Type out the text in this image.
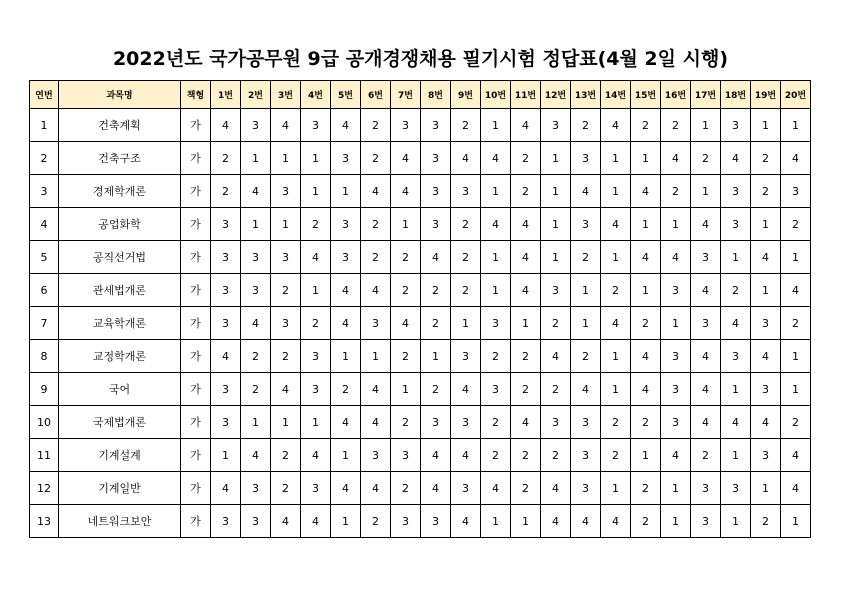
2022년도 국가공무원 9급 공개경쟁채용 필기시험 정답표(4월 2일 시행)
연번	과목명	책형	1번	2번	3번	4번	5번	6번	7번	8번	9번	10번	11번	12번	13번	14번	15번	16번	17번	18번	19번	20번
1	건축계획	가	4	3	4	3	4	2	3	3	2	1	4	3	2	4	2	2	1	3	1	1
2	건축구조	가	2	1	1	1	3	2	4	3	4	4	2	1	3	1	1	4	2	4	2	4
3	경제학개론	가	2	4	3	1	1	4	4	3	3	1	2	1	4	1	4	2	1	3	2	3
4	공업화학	가	3	1	1	2	3	2	1	3	2	4	4	1	3	4	1	1	4	3	1	2
5	공직선거법	가	3	3	3	4	3	2	2	4	2	1	4	1	2	1	4	4	3	1	4	1
6	관세법개론	가	3	3	2	1	4	4	2	2	2	1	4	3	1	2	1	3	4	2	1	4
7	교육학개론	가	3	4	3	2	4	3	4	2	1	3	1	2	1	4	2	1	3	4	3	2
8	교정학개론	가	4	2	2	3	1	1	2	1	3	2	2	4	2	1	4	3	4	3	4	1
9	국어	가	3	2	4	3	2	4	1	2	4	3	2	2	4	1	4	3	4	1	3	1
10	국제법개론	가	3	1	1	1	4	4	2	3	3	2	4	3	3	2	2	3	4	4	4	2
11	기계설계	가	1	4	2	4	1	3	3	4	4	2	2	2	3	2	1	4	2	1	3	4
12	기계일반	가	4	3	2	3	4	4	2	4	3	4	2	4	3	1	2	1	3	3	1	4
13	네트워크보안	가	3	3	4	4	1	2	3	3	4	1	1	4	4	4	2	1	3	1	2	1
